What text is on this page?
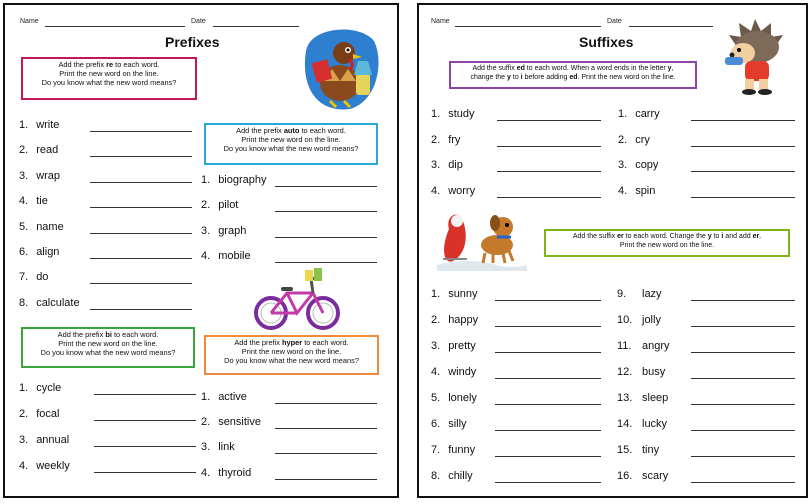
Name	Date
Prefixes
Add the prefix re to each word.
Print the new word on the line.
Do you know what the new word means?
1. write
2. read
3. wrap
4. tie
5. name
6. align
7. do
8. calculate
Add the prefix auto to each word.
Print the new word on the line.
Do you know what the new word means?
1. biography
2. pilot
3. graph
4. mobile
Add the prefix bi to each word.
Print the new word on the line.
Do you know what the new word means?
Add the prefix hyper to each word.
Print the new word on the line.
Do you know what the new word means?
1. cycle
2. focal
3. annual
4. weekly
1. active
2. sensitive
3. link
4. thyroid
Name	Date
Suffixes
Add the suffix ed to each word. When a word ends in the letter y,
change the y to i before adding ed. Print the new word on the line.
1. study
2. fry
3. dip
4. worry
1. carry
2. cry
3. copy
4. spin
Add the suffix er to each word. Change the y to i and add er.
Print the new word on the line.
1. sunny
2. happy
3. pretty
4. windy
5. lonely
6. silly
7. funny
8. chilly
9. lazy
10. jolly
11. angry
12. busy
13. sleep
14. lucky
15. tiny
16. scary
